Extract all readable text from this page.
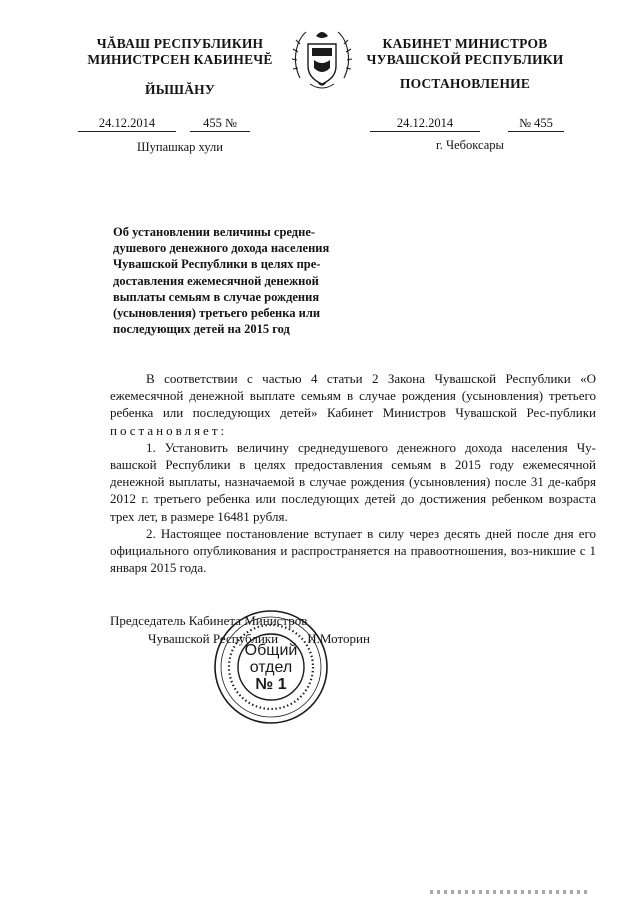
ЧĂВАШ РЕСПУБЛИКИН
МИНИСТРСЕН КАБИНЕЧĔ
ЙЫШĂНУ
24.12.2014	455 №
Шупашкар хули
КАБИНЕТ МИНИСТРОВ
ЧУВАШСКОЙ РЕСПУБЛИКИ
ПОСТАНОВЛЕНИЕ
24.12.2014	№ 455
г. Чебоксары
Об установлении величины средне-
душевого денежного дохода населения
Чувашской Республики в целях пре-
доставления ежемесячной денежной
выплаты семьям в случае рождения
(усыновления) третьего ребенка или
последующих детей на 2015 год

В соответствии с частью 4 статьи 2 Закона Чувашской Республики «О ежемесячной денежной выплате семьям в случае рождения (усыновления) третьего ребенка или последующих детей» Кабинет Министров Чувашской Рес-публики постановляет:

1. Установить величину среднедушевого денежного дохода населения Чу-вашской Республики в целях предоставления семьям в 2015 году ежемесячной денежной выплаты, назначаемой в случае рождения (усыновления) после 31 де-кабря 2012 г. третьего ребенка или последующих детей до достижения ребенком возраста трех лет, в размере 16481 рубля.

2. Настоящее постановление вступает в силу через десять дней после дня его официального опубликования и распространяется на правоотношения, воз-никшие с 1 января 2015 года.

Председатель Кабинета Министров
Чувашской Республики И.Моторин
Общий
отдел
№ 1
